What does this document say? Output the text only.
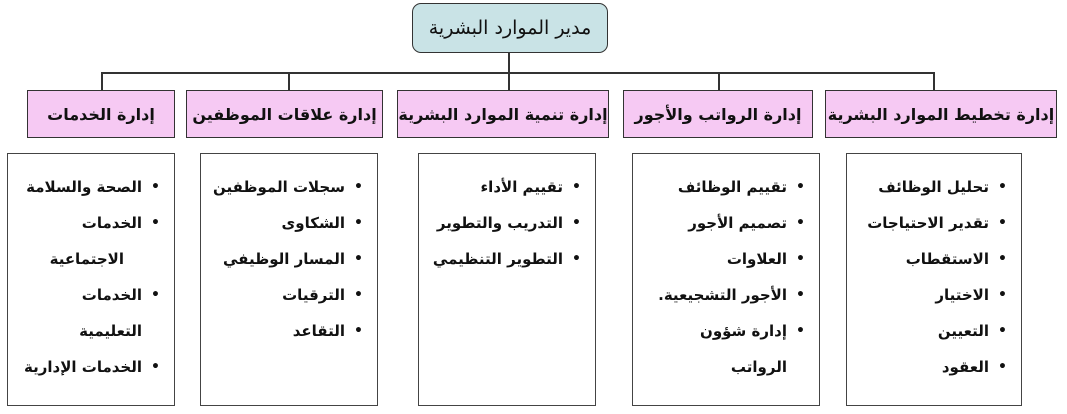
مدير الموارد البشرية
إدارة تخطيط الموارد البشرية
إدارة الرواتب والأجور
إدارة تنمية الموارد البشرية
إدارة علاقات الموظفين
إدارة الخدمات
• تحليل الوظائف
• تقدير الاحتياجات
• الاستقطاب
• الاختيار
• التعيين
• العقود
• تقييم الوظائف
• تصميم الأجور
• العلاوات
• الأجور التشجيعية.
• إدارة شؤون
الرواتب
• تقييم الأداء
• التدريب والتطوير
• التطوير التنظيمي
• سجلات الموظفين
• الشكاوى
• المسار الوظيفي
• الترقيات
• التقاعد
• الصحة والسلامة
• الخدمات
الاجتماعية
• الخدمات التعليمية
• الخدمات الإدارية
